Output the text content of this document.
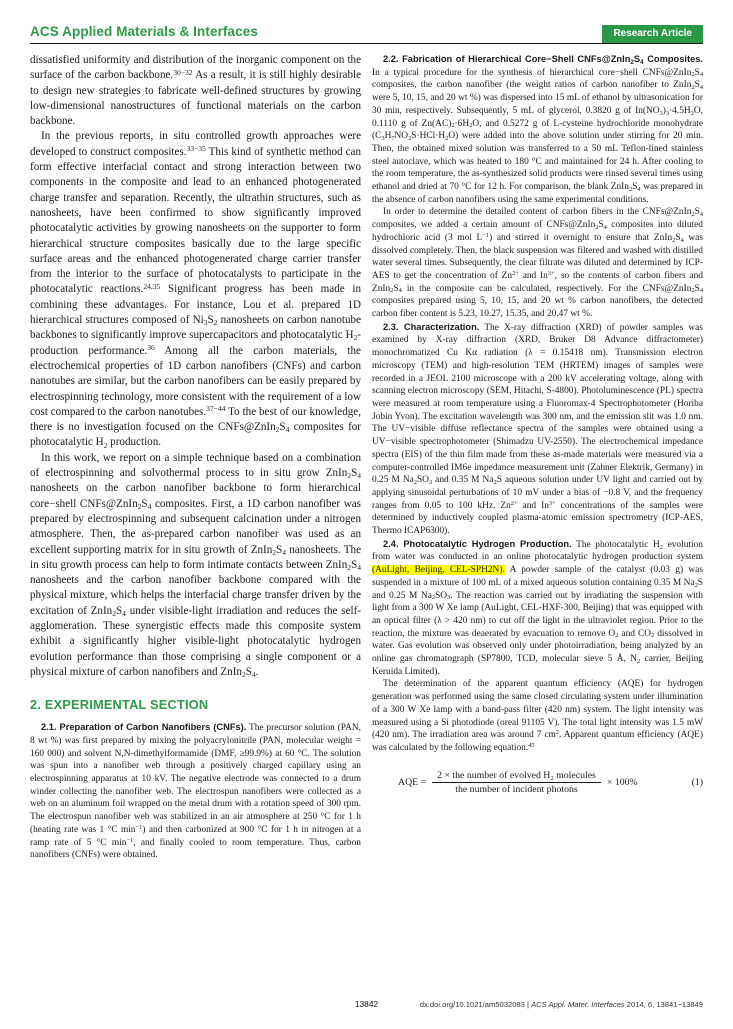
ACS Applied Materials & Interfaces	Research Article

dissatisfied uniformity and distribution of the inorganic component on the surface of the carbon backbone.$^{30-32}$ As a result, it is still highly desirable to design new strategies to fabricate well-defined structures by growing low-dimensional nanostructures of functional materials on the carbon backbone.

In the previous reports, in situ controlled growth approaches were developed to construct composites.$^{33-35}$ This kind of synthetic method can form effective interfacial contact and strong interaction between two components in the composite and lead to an enhanced photogenerated charge transfer and separation. Recently, the ultrathin structures, such as nanosheets, have been confirmed to show significantly improved photocatalytic activities by growing nanosheets on the supporter to form hierarchical structure composites basically due to the large specific surface areas and the enhanced photogenerated charge carrier transfer from the interior to the surface of photocatalysts to participate in the photocatalytic reactions.$^{24,35}$ Significant progress has been made in combining these advantages. For instance, Lou et al. prepared 1D hierarchical structures composed of $Ni_3S_2$ nanosheets on carbon nanotube backbones to significantly improve supercapacitors and photocatalytic $H_2$-production performance.$^{36}$ Among all the carbon materials, the electrochemical properties of 1D carbon nanofibers (CNFs) and carbon nanotubes are similar, but the carbon nanofibers can be easily prepared by electrospinning technology, more consistent with the requirement of a low cost compared to the carbon nanotubes.$^{37-44}$ To the best of our knowledge, there is no investigation focused on the $CNFs@ZnIn_2S_4$ composites for photocatalytic $H_2$ production.

In this work, we report on a simple technique based on a combination of electrospinning and solvothermal process to in situ grow $ZnIn_2S_4$ nanosheets on the carbon nanofiber backbone to form hierarchical core−shell $CNFs@ZnIn_2S_4$ composites. First, a 1D carbon nanofiber was prepared by electrospinning and subsequent calcination under a nitrogen atmosphere. Then, the as-prepared carbon nanofiber was used as an excellent supporting matrix for in situ growth of $ZnIn_2S_4$ nanosheets. The in situ growth process can help to form intimate contacts between $ZnIn_2S_4$ nanosheets and the carbon nanofiber backbone compared with the physical mixture, which helps the interfacial charge transfer driven by the excitation of $ZnIn_2S_4$ under visible-light irradiation and reduces the self-agglomeration. These synergistic effects made this composite system exhibit a significantly higher visible-light photocatalytic hydrogen evolution performance than those comprising a single component or a physical mixture of carbon nanofibers and $ZnIn_2S_4$.

2. EXPERIMENTAL SECTION

2.1. Preparation of Carbon Nanofibers (CNFs). The precursor solution (PAN, 8 wt %) was first prepared by mixing the polyacrylonitrile (PAN, molecular weight = 160 000) and solvent N,N-dimethylformamide (DMF, ≥99.9%) at 60 °C. The solution was spun into a nanofiber web through a positively charged capillary using an electrospinning apparatus at 10 kV. The negative electrode was connected to a drum winder collecting the nanofiber web. The electrospun nanofibers were collected as a web on an aluminum foil wrapped on the metal drum with a rotation speed of 300 rpm. The electrospun nanofiber web was stabilized in an air atmosphere at 250 °C for 1 h (heating rate was 1 °C $\min^{-1}$) and then carbonized at 900 °C for 1 h in nitrogen at a ramp rate of 5 °C $\min^{-1}$, and finally cooled to room temperature. Thus, carbon nanofibers (CNFs) were obtained.

2.2. Fabrication of Hierarchical Core−Shell $CNFs@ZnIn_2S_4$ Composites. In a typical procedure for the synthesis of hierarchical core−shell $CNFs@ZnIn_2S_4$ composites, the carbon nanofiber (the weight ratios of carbon nanofiber to $ZnIn_2S_4$ were 5, 10, 15, and 20 wt %) was dispersed into 15 mL of ethanol by ultrasonication for 30 min, respectively. Subsequently, 5 mL of glycerol, 0.3820 g of $In(NO_3)_3\cdot 4.5H_2O$, 0.1110 g of $Zn(AC)_2\cdot 6H_2O$, and 0.5272 g of L-cysteine hydrochloride monohydrate $(C_3H_7NO_2S\cdot HCl\cdot H_2O)$ were added into the above solution under stirring for 20 min. Then, the obtained mixed solution was transferred to a 50 mL Teflon-lined stainless steel autoclave, which was heated to 180 °C and maintained for 24 h. After cooling to the room temperature, the as-synthesized solid products were rinsed several times using ethanol and dried at 70 °C for 12 h. For comparison, the blank $ZnIn_2S_4$ was prepared in the absence of carbon nanofibers using the same experimental conditions.

In order to determine the detailed content of carbon fibers in the $CNFs@ZnIn_2S_4$ composites, we added a certain amount of $CNFs@ZnIn_2S_4$ composites into diluted hydrochloric acid (3 mol $L^{-1}$) and stirred it overnight to ensure that $ZnIn_2S_4$ was dissolved completely. Then, the black suspension was filtered and washed with distilled water several times. Subsequently, the clear filtrate was diluted and determined by ICP-AES to get the concentration of $Zn^{2+}$ and $In^{3+}$, so the contents of carbon fibers and $ZnIn_2S_4$ in the composite can be calculated, respectively. For the $CNFs@ZnIn_2S_4$ composites prepared using 5, 10, 15, and 20 wt % carbon nanofibers, the detected carbon fiber content is 5.23, 10.27, 15.35, and 20.47 wt %.

2.3. Characterization. The X-ray diffraction (XRD) of powder samples was examined by X-ray diffraction (XRD, Bruker D8 Advance diffractometer) monochromatized Cu Kα radiation (λ = 0.15418 nm). Transmission electron microscopy (TEM) and high-resolution TEM (HRTEM) images of samples were recorded in a JEOL 2100 microscope with a 200 kV accelerating voltage, along with scanning electron microscopy (SEM, Hitachi, S-4800). Photoluminescence (PL) spectra were measured at room temperature using a Fluoromax-4 Spectrophotometer (Horiba Jobin Yvon). The excitation wavelength was 300 nm, and the emission slit was 1.0 nm. The UV−visible diffuse reflectance spectra of the samples were obtained using a UV−visible spectrophotometer (Shimadzu UV-2550). The electrochemical impedance spectra (EIS) of the thin film made from these as-made materials were measured via a computer-controlled IM6e impedance measurement unit (Zahner Elektrik, Germany) in 0.25 M $Na_2SO_3$ and 0.35 M $Na_2S$ aqueous solution under UV light and carried out by applying sinusoidal perturbations of 10 mV under a bias of −0.8 V, and the frequency ranges from 0.05 to 100 kHz. $Zn^{2+}$ and $In^{3+}$ concentrations of the samples were determined by inductively coupled plasma-atomic emission spectrometry (ICP-AES, Thermo ICAP6300).

2.4. Photocatalytic Hydrogen Production. The photocatalytic $H_2$ evolution from water was conducted in an online photocatalytic hydrogen production system (AuLight, Beijing, CEL-SPH2N). A powder sample of the catalyst (0.03 g) was suspended in a mixture of 100 mL of a mixed aqueous solution containing 0.35 M $Na_2S$ and 0.25 M $Na_2SO_3$. The reaction was carried out by irradiating the suspension with light from a 300 W Xe lamp (AuLight, CEL-HXF-300, Beijing) that was equipped with an optical filter (λ > 420 nm) to cut off the light in the ultraviolet region. Prior to the reaction, the mixture was deaerated by evacuation to remove $O_2$ and $CO_2$ dissolved in water. Gas evolution was observed only under photoirradiation, being analyzed by an online gas chromatograph (SP7800, TCD, molecular sieve 5 Å, $N_2$ carrier, Beijing Keruida Limited).

The determination of the apparent quantum efficiency (AQE) for hydrogen generation was performed using the same closed circulating system under illumination of a 300 W Xe lamp with a band-pass filter (420 nm) system. The light intensity was measured using a Si photodiode (oreal 91105 V). The total light intensity was 1.5 mW (420 nm). The irradiation area was around 7 $cm^2$. Apparent quantum efficiency (AQE) was calculated by the following equation.$^{45}$

AQE = $\frac{2 \times the number of evolved H_2 molecules}{\text{the number of incident photons}} \times 100\%$	(1)
13842	dx.doi.org/10.1021/am5032083 | ACS Appl. Mater. Interfaces 2014, 6, 13841−13849
